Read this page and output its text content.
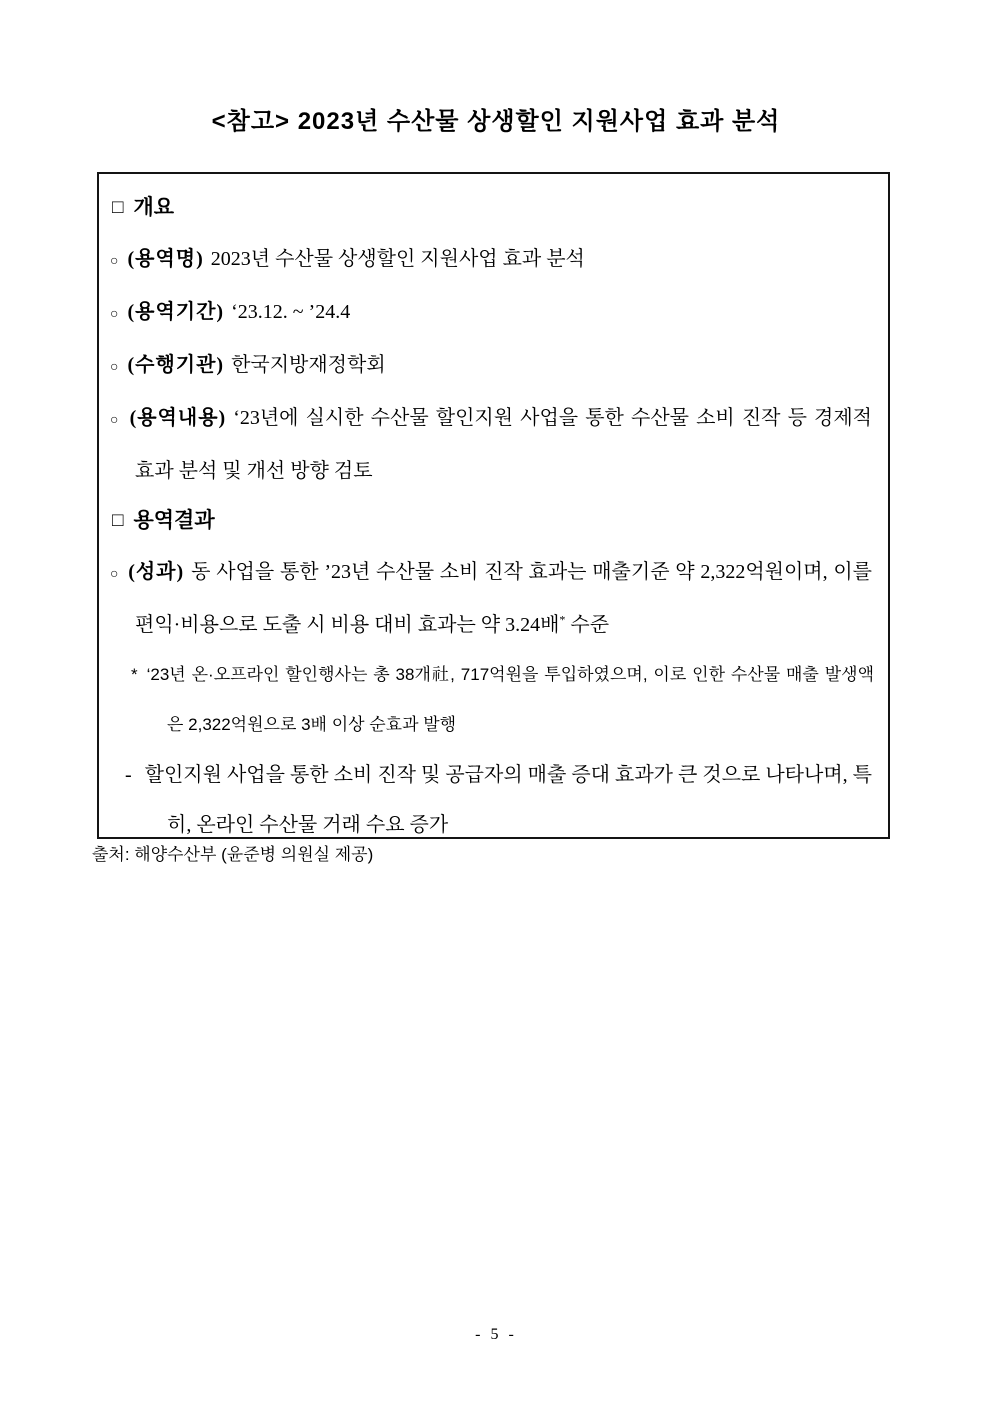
<참고> 2023년 수산물 상생할인 지원사업 효과 분석
□ 개요
○ (용역명) 2023년 수산물 상생할인 지원사업 효과 분석
○ (용역기간) ‘23.12. ~ ’24.4
○ (수행기관) 한국지방재정학회
○ (용역내용) ‘23년에 실시한 수산물 할인지원 사업을 통한 수산물 소비 진작 등 경제적 효과 분석 및 개선 방향 검토
□ 용역결과
○ (성과) 동 사업을 통한 ’23년 수산물 소비 진작 효과는 매출기준 약 2,322억원이며, 이를 편익·비용으로 도출 시 비용 대비 효과는 약 3.24배* 수준
* ‘23년 온·오프라인 할인행사는 총 38개社, 717억원을 투입하였으며, 이로 인한 수산물 매출 발생액은 2,322억원으로 3배 이상 순효과 발행
- 할인지원 사업을 통한 소비 진작 및 공급자의 매출 증대 효과가 큰 것으로 나타나며, 특히, 온라인 수산물 거래 수요 증가
출처: 해양수산부 (윤준병 의원실 제공)
- 5 -
